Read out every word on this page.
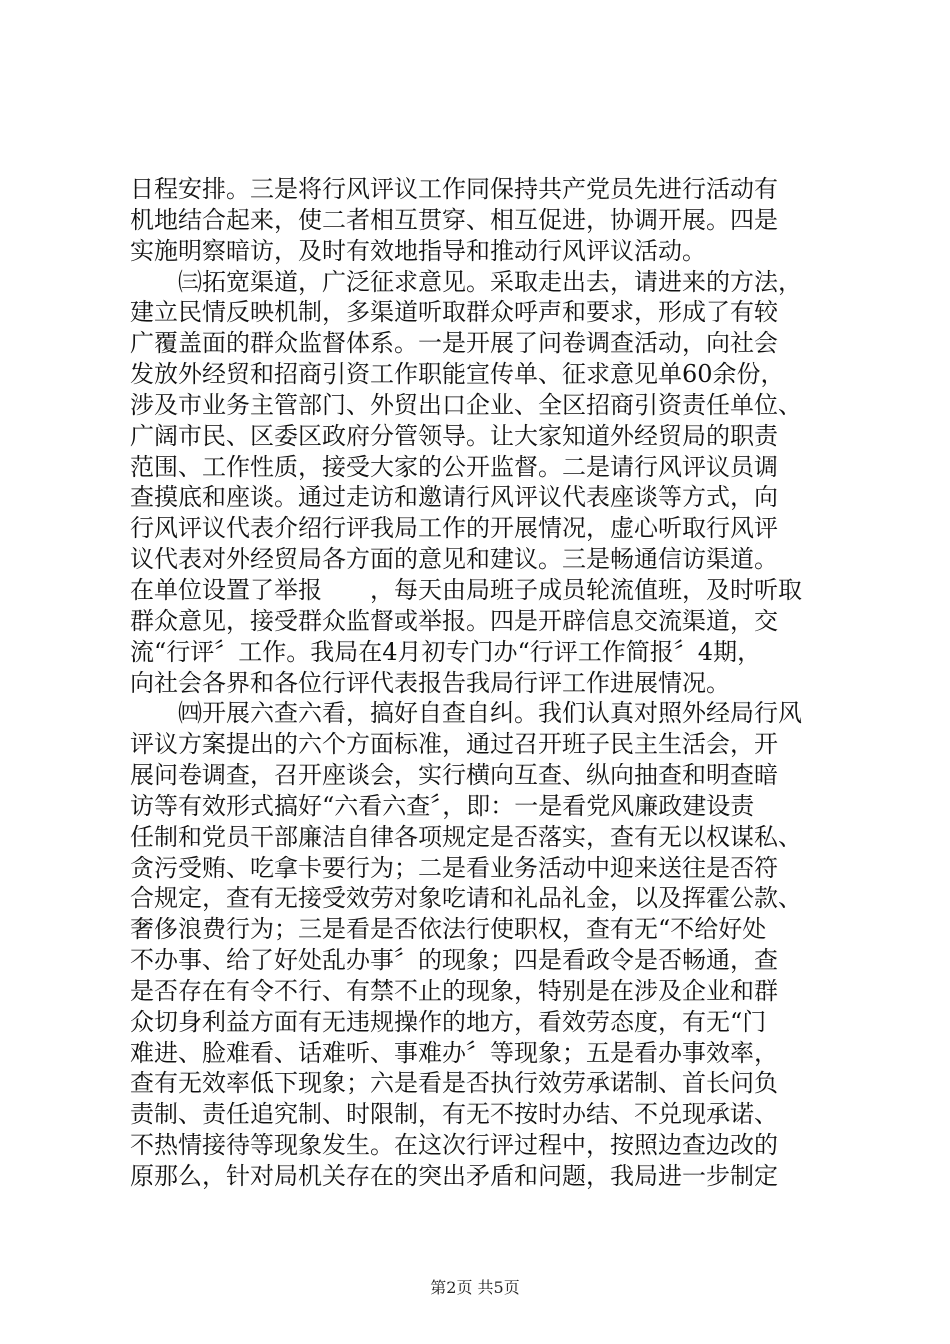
日程安排。三是将行风评议工作同保持共产党员先进行活动有
机地结合起来，使二者相互贯穿、相互促进，协调开展。四是
实施明察暗访，及时有效地指导和推动行风评议活动。
　　㈢拓宽渠道，广泛征求意见。采取走出去，请进来的方法，
建立民情反映机制，多渠道听取群众呼声和要求，形成了有较
广覆盖面的群众监督体系。一是开展了问卷调查活动，向社会
发放外经贸和招商引资工作职能宣传单、征求意见单60余份，
涉及市业务主管部门、外贸出口企业、全区招商引资责任单位、
广阔市民、区委区政府分管领导。让大家知道外经贸局的职责
范围、工作性质，接受大家的公开监督。二是请行风评议员调
查摸底和座谈。通过走访和邀请行风评议代表座谈等方式，向
行风评议代表介绍行评我局工作的开展情况，虚心听取行风评
议代表对外经贸局各方面的意见和建议。三是畅通信访渠道。
在单位设置了举报　　，每天由局班子成员轮流值班，及时听取
群众意见，接受群众监督或举报。四是开辟信息交流渠道，交
流“行评〞工作。我局在4月初专门办“行评工作简报〞4期，
向社会各界和各位行评代表报告我局行评工作进展情况。
　　㈣开展六查六看，搞好自查自纠。我们认真对照外经局行风
评议方案提出的六个方面标准，通过召开班子民主生活会，开
展问卷调查，召开座谈会，实行横向互查、纵向抽查和明查暗
访等有效形式搞好“六看六查〞，即：一是看党风廉政建设责
任制和党员干部廉洁自律各项规定是否落实，查有无以权谋私、
贪污受贿、吃拿卡要行为；二是看业务活动中迎来送往是否符
合规定，查有无接受效劳对象吃请和礼品礼金，以及挥霍公款、
奢侈浪费行为；三是看是否依法行使职权，查有无“不给好处
不办事、给了好处乱办事〞的现象；四是看政令是否畅通，查
是否存在有令不行、有禁不止的现象，特别是在涉及企业和群
众切身利益方面有无违规操作的地方，看效劳态度，有无“门
难进、脸难看、话难听、事难办〞等现象；五是看办事效率，
查有无效率低下现象；六是看是否执行效劳承诺制、首长问负
责制、责任追究制、时限制，有无不按时办结、不兑现承诺、
不热情接待等现象发生。在这次行评过程中，按照边查边改的
原那么，针对局机关存在的突出矛盾和问题，我局进一步制定
第2页 共5页
